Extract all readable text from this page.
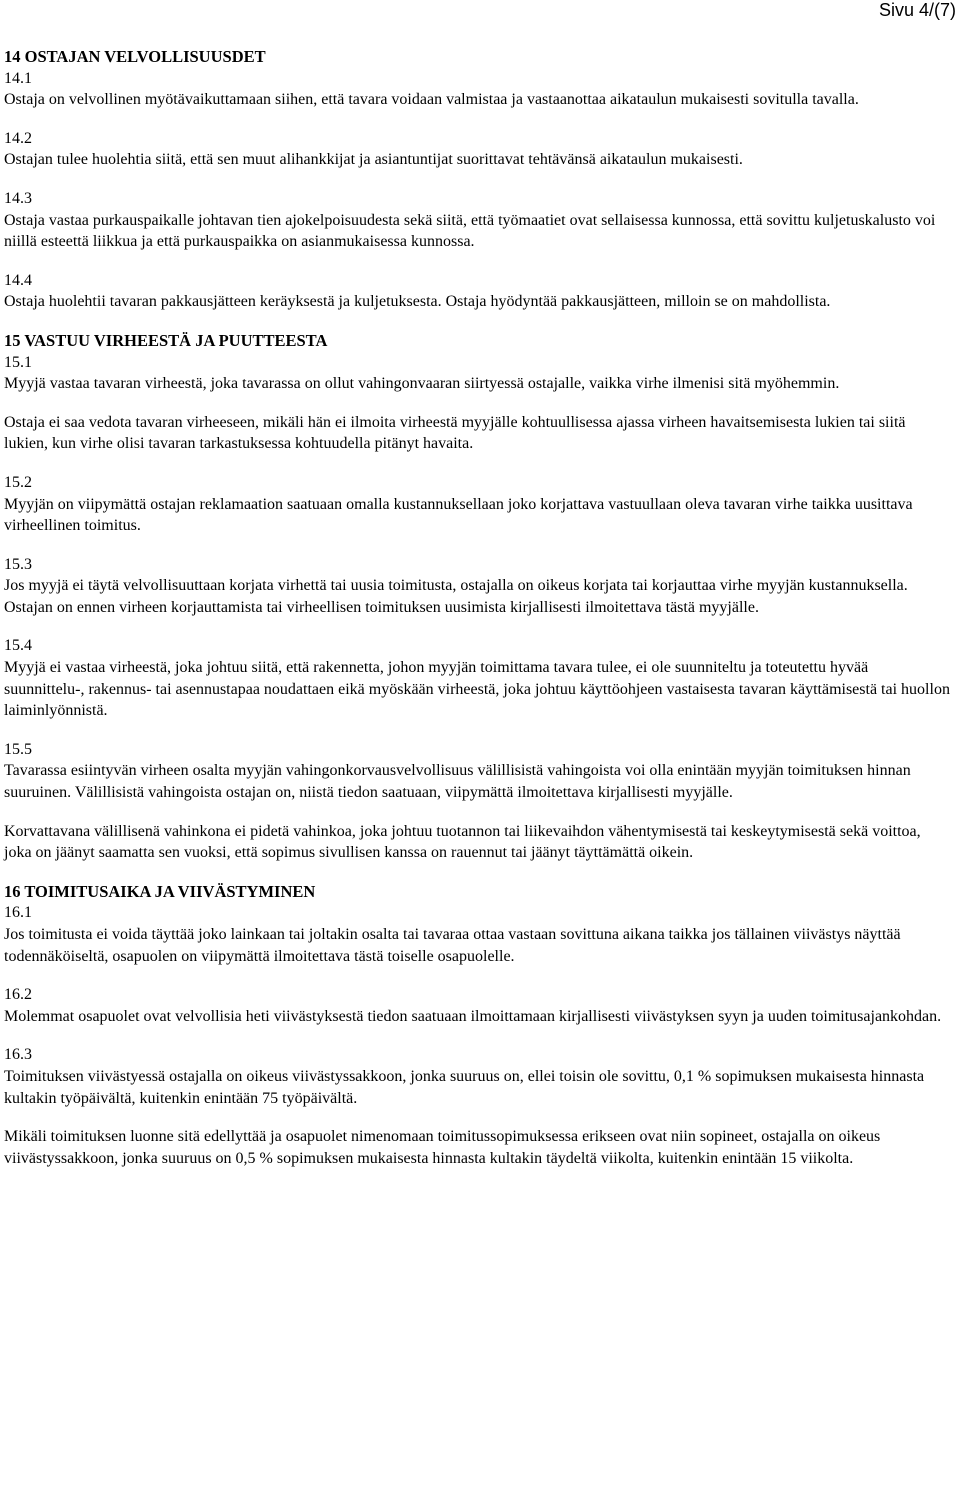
Sivu 4/(7)
14 OSTAJAN VELVOLLISUUSDET
14.1
Ostaja on velvollinen myötävaikuttamaan siihen, että tavara voidaan valmistaa ja vastaanottaa aikataulun mukaisesti sovitulla tavalla.
14.2
Ostajan tulee huolehtia siitä, että sen muut alihankkijat ja asiantuntijat suorittavat tehtävänsä aikataulun mukaisesti.
14.3
Ostaja vastaa purkauspaikalle johtavan tien ajokelpoisuudesta sekä siitä, että työmaatiet ovat sellaisessa kunnossa, että sovittu kuljetuskalusto voi niillä esteettä liikkua ja että purkauspaikka on asianmukaisessa kunnossa.
14.4
Ostaja huolehtii tavaran pakkausjätteen keräyksestä ja kuljetuksesta. Ostaja hyödyntää pakkausjätteen, milloin se on mahdollista.
15 VASTUU VIRHEESTÄ JA PUUTTEESTA
15.1
Myyjä vastaa tavaran virheestä, joka tavarassa on ollut vahingonvaaran siirtyessä ostajalle, vaikka virhe ilmenisi sitä myöhemmin.
Ostaja ei saa vedota tavaran virheeseen, mikäli hän ei ilmoita virheestä myyjälle kohtuullisessa ajassa virheen havaitsemisesta lukien tai siitä lukien, kun virhe olisi tavaran tarkastuksessa kohtuudella pitänyt havaita.
15.2
Myyjän on viipymättä ostajan reklamaation saatuaan omalla kustannuksellaan joko korjattava vastuullaan oleva tavaran virhe taikka uusittava virheellinen toimitus.
15.3
Jos myyjä ei täytä velvollisuuttaan korjata virhettä tai uusia toimitusta, ostajalla on oikeus korjata tai korjauttaa virhe myyjän kustannuksella. Ostajan on ennen virheen korjauttamista tai virheellisen toimituksen uusimista kirjallisesti ilmoitettava tästä myyjälle.
15.4
Myyjä ei vastaa virheestä, joka johtuu siitä, että rakennetta, johon myyjän toimittama tavara tulee, ei ole suunniteltu ja toteutettu hyvää suunnittelu-, rakennus- tai asennustapaa noudattaen eikä myöskään virheestä, joka johtuu käyttöohjeen vastaisesta tavaran käyttämisestä tai huollon laiminlyönnistä.
15.5
Tavarassa esiintyvän virheen osalta myyjän vahingonkorvausvelvollisuus välillisistä vahingoista voi olla enintään myyjän toimituksen hinnan suuruinen. Välillisistä vahingoista ostajan on, niistä tiedon saatuaan, viipymättä ilmoitettava kirjallisesti myyjälle.
Korvattavana välillisenä vahinkona ei pidetä vahinkoa, joka johtuu tuotannon tai liikevaihdon vähentymisestä tai keskeytymisestä sekä voittoa, joka on jäänyt saamatta sen vuoksi, että sopimus sivullisen kanssa on rauennut tai jäänyt täyttämättä oikein.
16 TOIMITUSAIKA JA VIIVÄSTYMINEN
16.1
Jos toimitusta ei voida täyttää joko lainkaan tai joltakin osalta tai tavaraa ottaa vastaan sovittuna aikana taikka jos tällainen viivästys näyttää todennäköiseltä, osapuolen on viipymättä ilmoitettava tästä toiselle osapuolelle.
16.2
Molemmat osapuolet ovat velvollisia heti viivästyksestä tiedon saatuaan ilmoittamaan kirjallisesti viivästyksen syyn ja uuden toimitusajankohdan.
16.3
Toimituksen viivästyessä ostajalla on oikeus viivästyssakkoon, jonka suuruus on, ellei toisin ole sovittu, 0,1 % sopimuksen mukaisesta hinnasta kultakin työpäivältä, kuitenkin enintään 75 työpäivältä.
Mikäli toimituksen luonne sitä edellyttää ja osapuolet nimenomaan toimitussopimuksessa erikseen ovat niin sopineet, ostajalla on oikeus viivästyssakkoon, jonka suuruus on 0,5 % sopimuksen mukaisesta hinnasta kultakin täydeltä viikolta, kuitenkin enintään 15 viikolta.
